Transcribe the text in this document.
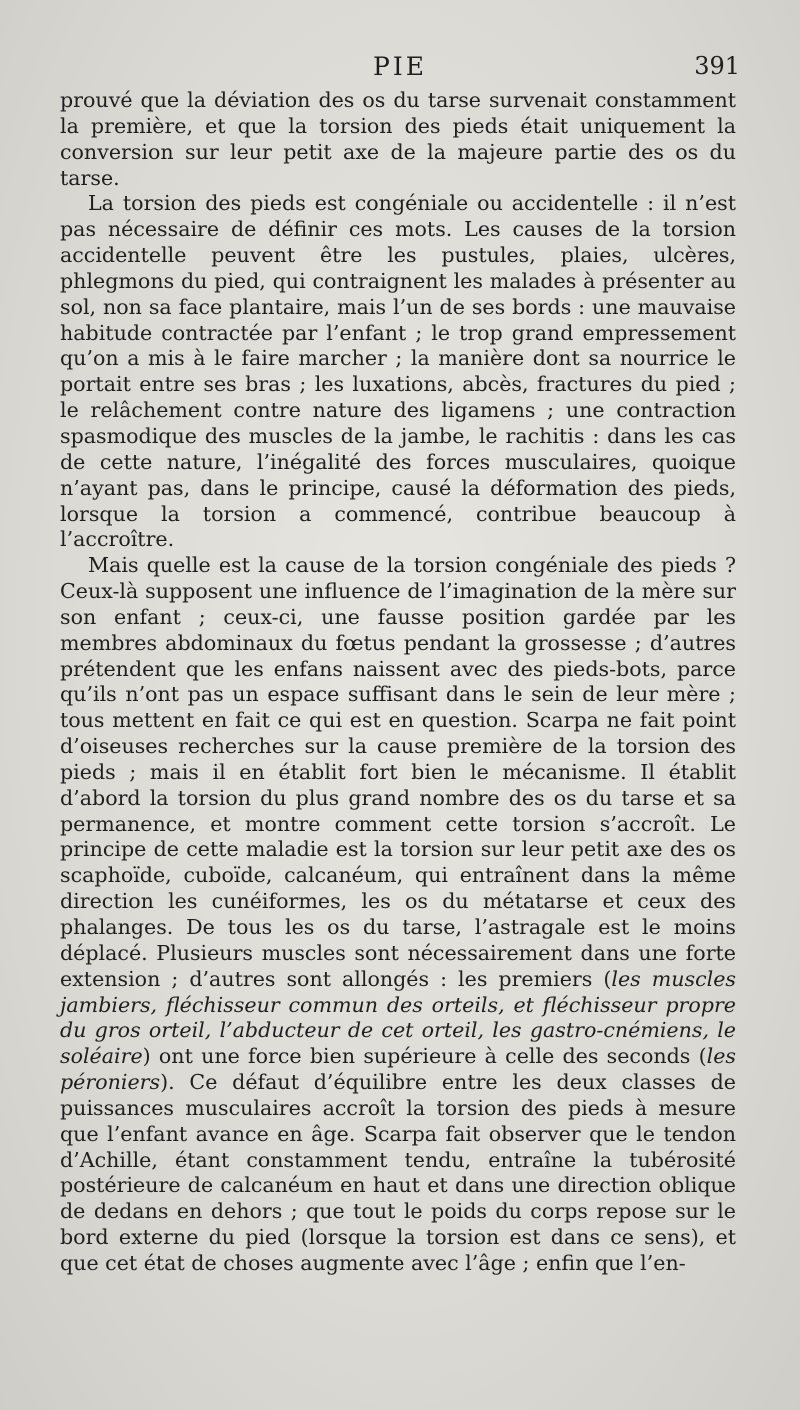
PIE	391

prouvé que la déviation des os du tarse survenait constamment la première, et que la torsion des pieds était uniquement la conversion sur leur petit axe de la majeure partie des os du tarse.

La torsion des pieds est congéniale ou accidentelle : il n’est pas nécessaire de définir ces mots. Les causes de la torsion accidentelle peuvent être les pustules, plaies, ulcères, phlegmons du pied, qui contraignent les malades à présenter au sol, non sa face plantaire, mais l’un de ses bords : une mauvaise habitude contractée par l’enfant ; le trop grand empressement qu’on a mis à le faire marcher ; la manière dont sa nourrice le portait entre ses bras ; les luxations, abcès, fractures du pied ; le relâchement contre nature des ligamens ; une contraction spasmodique des muscles de la jambe, le rachitis : dans les cas de cette nature, l’inégalité des forces musculaires, quoique n’ayant pas, dans le principe, causé la déformation des pieds, lorsque la torsion a commencé, contribue beaucoup à l’accroître.

Mais quelle est la cause de la torsion congéniale des pieds ? Ceux-là supposent une influence de l’imagination de la mère sur son enfant ; ceux-ci, une fausse position gardée par les membres abdominaux du fœtus pendant la grossesse ; d’autres prétendent que les enfans naissent avec des pieds-bots, parce qu’ils n’ont pas un espace suffisant dans le sein de leur mère ; tous mettent en fait ce qui est en question. Scarpa ne fait point d’oiseuses recherches sur la cause première de la torsion des pieds ; mais il en établit fort bien le mécanisme. Il établit d’abord la torsion du plus grand nombre des os du tarse et sa permanence, et montre comment cette torsion s’accroît. Le principe de cette maladie est la torsion sur leur petit axe des os scaphoïde, cuboïde, calcanéum, qui entraînent dans la même direction les cunéiformes, les os du métatarse et ceux des phalanges. De tous les os du tarse, l’astragale est le moins déplacé. Plusieurs muscles sont nécessairement dans une forte extension ; d’autres sont allongés : les premiers (les muscles jambiers, fléchisseur commun des orteils, et fléchisseur propre du gros orteil, l’abducteur de cet orteil, les gastro-cnémiens, le soléaire) ont une force bien supérieure à celle des seconds (les péroniers). Ce défaut d’équilibre entre les deux classes de puissances musculaires accroît la torsion des pieds à mesure que l’enfant avance en âge. Scarpa fait observer que le tendon d’Achille, étant constamment tendu, entraîne la tubérosité postérieure de calcanéum en haut et dans une direction oblique de dedans en dehors ; que tout le poids du corps repose sur le bord externe du pied (lorsque la torsion est dans ce sens), et que cet état de choses augmente avec l’âge ; enfin que l’en-
